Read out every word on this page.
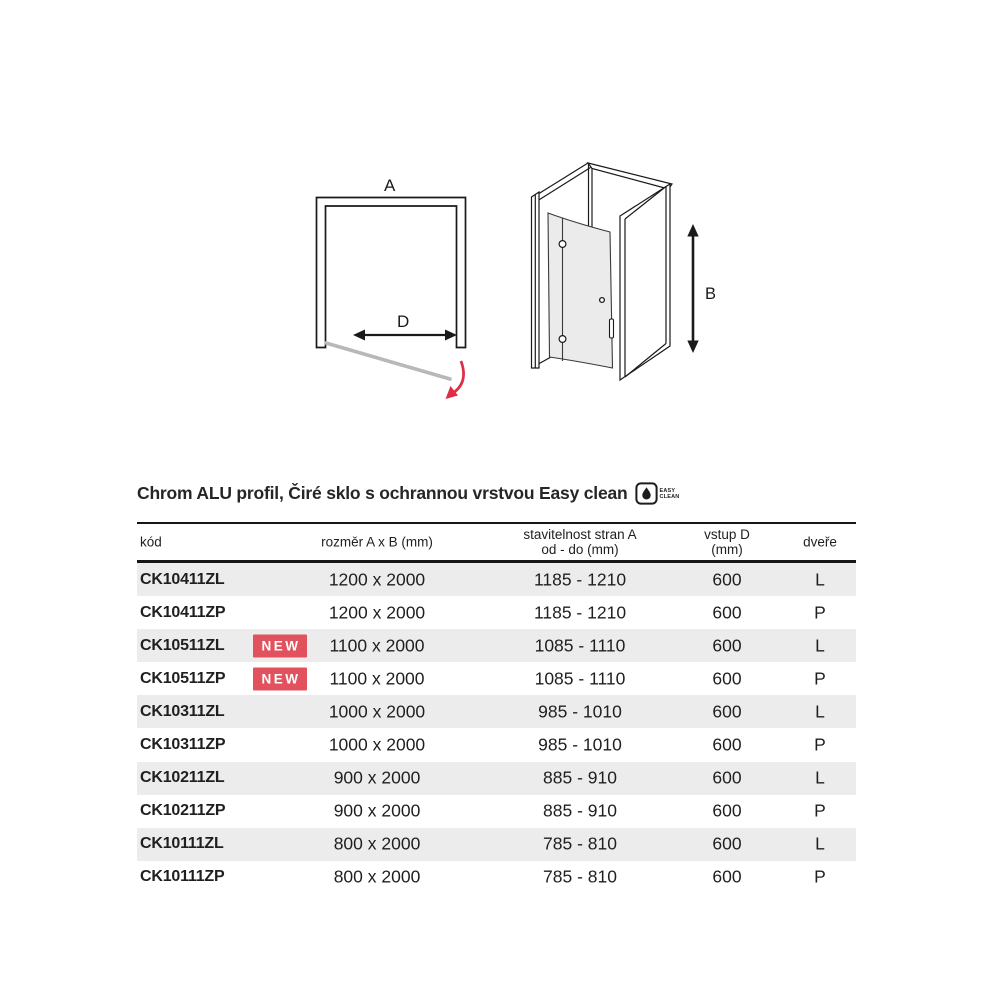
A
D
B
Chrom ALU profil, Čiré sklo s ochrannou vrstvou Easy clean	EASY
CLEAN
kód	rozměr A x B (mm)	stavitelnost stran A
od - do (mm)
vstup D
(mm)	dveře
CK10411ZL	1200 x 2000	1185 - 1210	600	L
CK10411ZP	1200 x 2000	1185 - 1210	600	P
CK10511ZL	1100 x 2000	1085 - 1110	600	L
NEW
CK10511ZP	1100 x 2000	1085 - 1110	600	P
NEW
CK10311ZL	1000 x 2000	985 - 1010	600	L
CK10311ZP	1000 x 2000	985 - 1010	600	P
CK10211ZL	900 x 2000	885 - 910	600	L
CK10211ZP	900 x 2000	885 - 910	600	P
CK10111ZL	800 x 2000	785 - 810	600	L
CK10111ZP	800 x 2000	785 - 810	600	P
